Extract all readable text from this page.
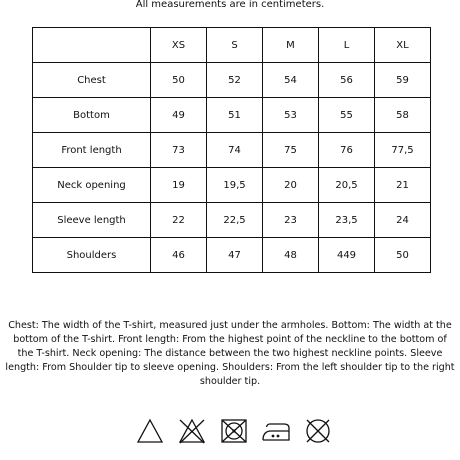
All measurements are in centimeters.
	XS	S	M	L	XL
Chest	50	52	54	56	59
Bottom	49	51	53	55	58
Front length	73	74	75	76	77,5
Neck opening	19	19,5	20	20,5	21
Sleeve length	22	22,5	23	23,5	24
Shoulders	46	47	48	449	50
Chest: The width of the T-shirt, measured just under the armholes. Bottom: The width at the bottom of the T-shirt. Front length: From the highest point of the neckline to the bottom of the T-shirt. Neck opening: The distance between the two highest neckline points. Sleeve length: From Shoulder tip to sleeve opening. Shoulders: From the left shoulder tip to the right shoulder tip.
